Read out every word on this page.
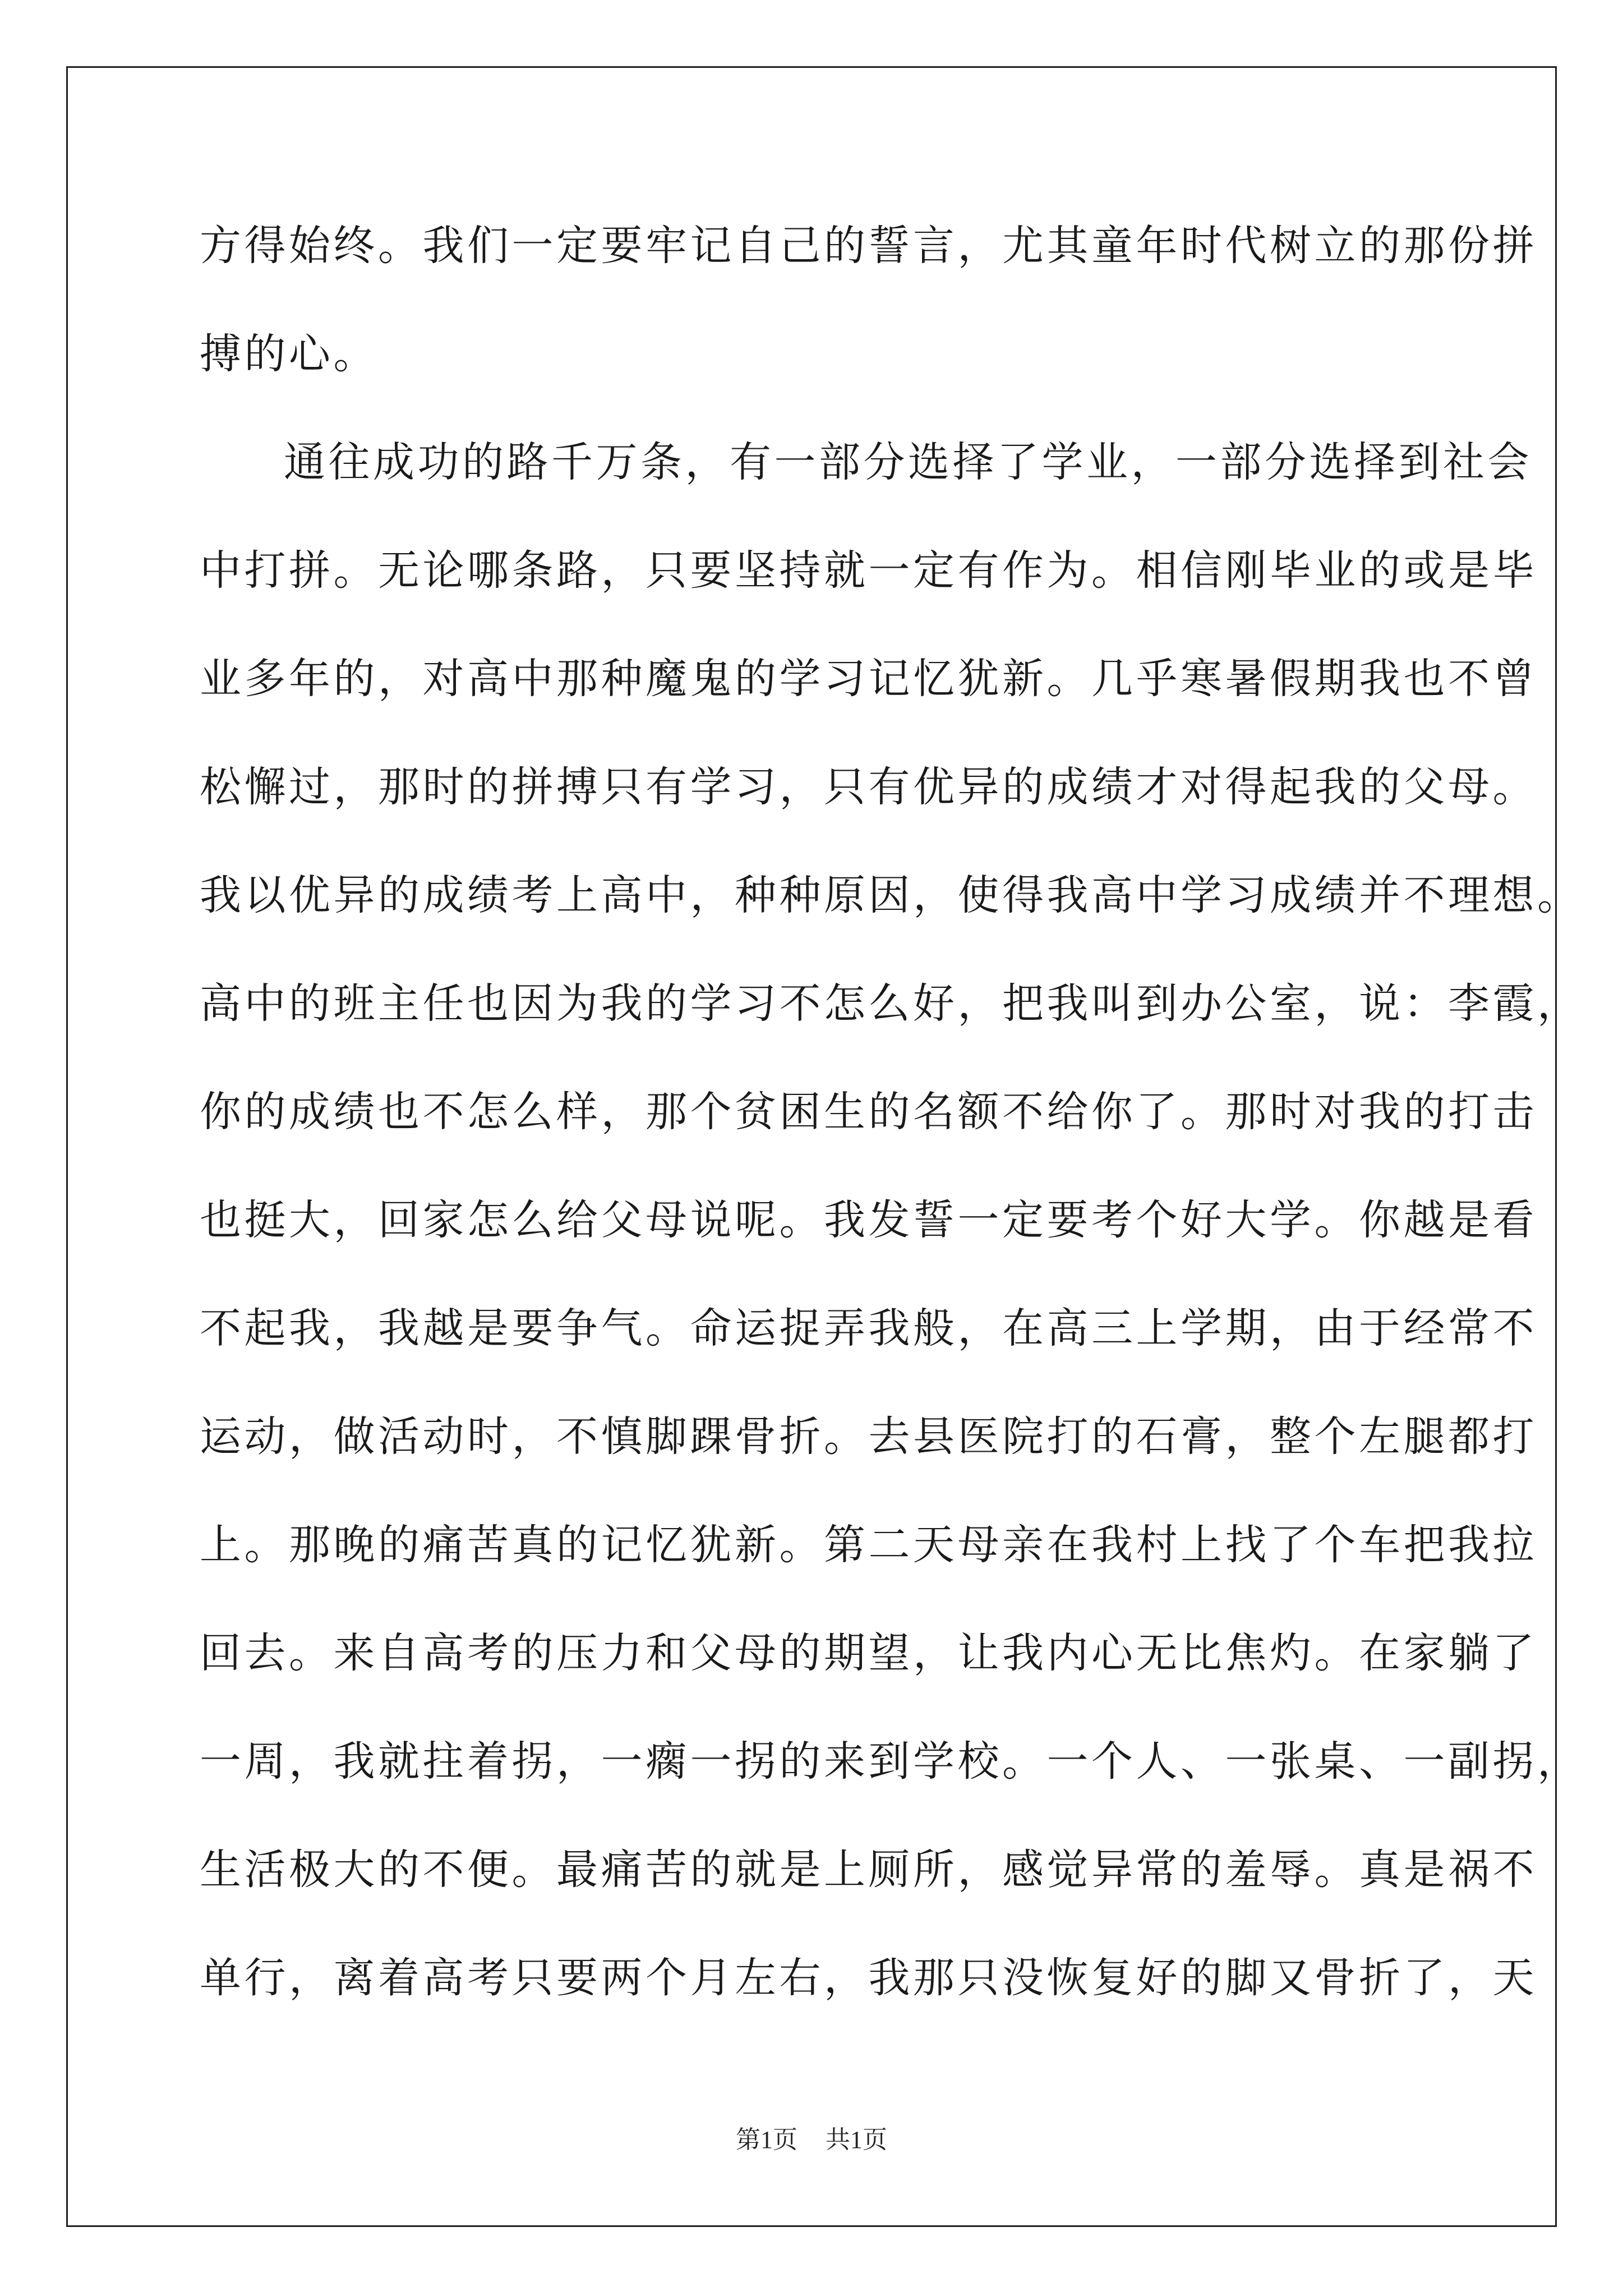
方得始终。我们一定要牢记自己的誓言，尤其童年时代树立的那份拼
搏的心。
通往成功的路千万条，有一部分选择了学业，一部分选择到社会
中打拼。无论哪条路，只要坚持就一定有作为。相信刚毕业的或是毕
业多年的，对高中那种魔鬼的学习记忆犹新。几乎寒暑假期我也不曾
松懈过，那时的拼搏只有学习，只有优异的成绩才对得起我的父母。
我以优异的成绩考上高中，种种原因，使得我高中学习成绩并不理想。
高中的班主任也因为我的学习不怎么好，把我叫到办公室，说：李霞，
你的成绩也不怎么样，那个贫困生的名额不给你了。那时对我的打击
也挺大，回家怎么给父母说呢。我发誓一定要考个好大学。你越是看
不起我，我越是要争气。命运捉弄我般，在高三上学期，由于经常不
运动，做活动时，不慎脚踝骨折。去县医院打的石膏，整个左腿都打
上。那晚的痛苦真的记忆犹新。第二天母亲在我村上找了个车把我拉
回去。来自高考的压力和父母的期望，让我内心无比焦灼。在家躺了
一周，我就拄着拐，一瘸一拐的来到学校。一个人、一张桌、一副拐，
生活极大的不便。最痛苦的就是上厕所，感觉异常的羞辱。真是祸不
单行，离着高考只要两个月左右，我那只没恢复好的脚又骨折了，天
第1页 共1页
